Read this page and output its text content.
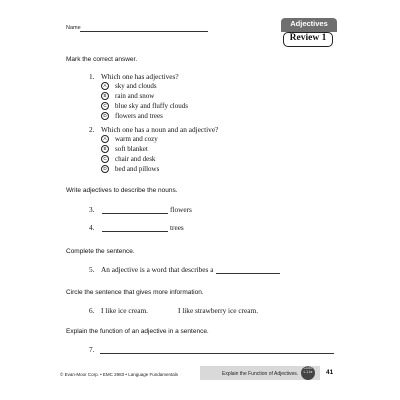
Name	Adjectives
Review 1
Mark the correct answer.
1. Which one has adjectives?
A sky and clouds
B rain and snow
C blue sky and fluffy clouds
D flowers and trees
2. Which one has a noun and an adjective?
A warm and cozy
B soft blanket
C chair and desk
D bed and pillows
Write adjectives to describe the nouns.
3.	flowers
4.	trees
Complete the sentence.
5. An adjective is a word that describes a
Circle the sentence that gives more information.
6. I like ice cream.	I like strawberry ice cream.
Explain the function of an adjective in a sentence.
7.
© Evan-Moor Corp. • EMC 2983 • Language Fundamentals	Explain the Function of Adjectives.
CCSS L.1.1e	41
